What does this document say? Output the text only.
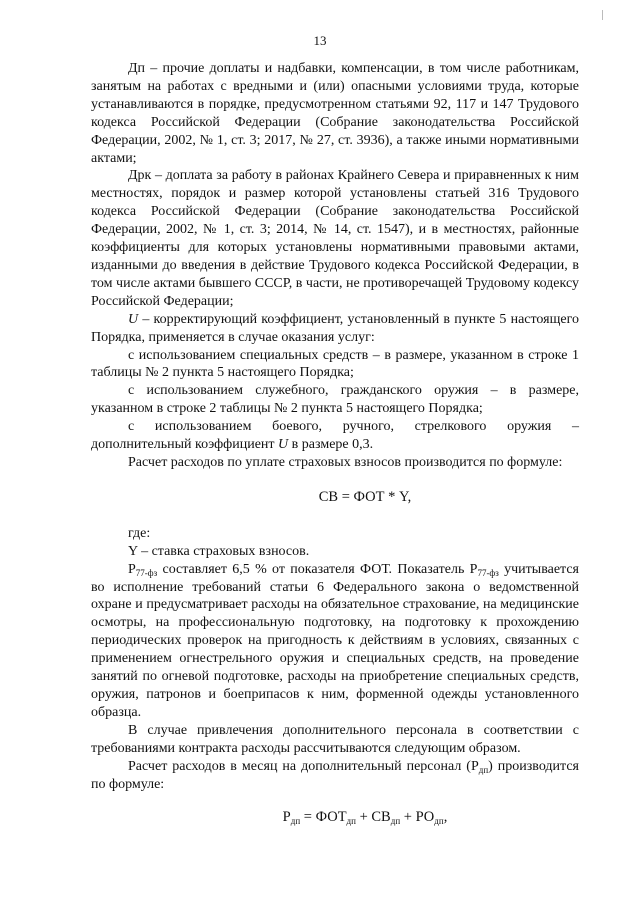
13

Дп – прочие доплаты и надбавки, компенсации, в том числе работникам, занятым на работах с вредными и (или) опасными условиями труда, которые устанавливаются в порядке, предусмотренном статьями 92, 117 и 147 Трудового кодекса Российской Федерации (Собрание законодательства Российской Федерации, 2002, № 1, ст. 3; 2017, № 27, ст. 3936), а также иными нормативными актами;

Дрк – доплата за работу в районах Крайнего Севера и приравненных к ним местностях, порядок и размер которой установлены статьей 316 Трудового кодекса Российской Федерации (Собрание законодательства Российской Федерации, 2002, № 1, ст. 3; 2014, № 14, ст. 1547), и в местностях, районные коэффициенты для которых установлены нормативными правовыми актами, изданными до введения в действие Трудового кодекса Российской Федерации, в том числе актами бывшего СССР, в части, не противоречащей Трудовому кодексу Российской Федерации;

U – корректирующий коэффициент, установленный в пункте 5 настоящего Порядка, применяется в случае оказания услуг:

с использованием специальных средств – в размере, указанном в строке 1 таблицы № 2 пункта 5 настоящего Порядка;

с использованием служебного, гражданского оружия – в размере, указанном в строке 2 таблицы № 2 пункта 5 настоящего Порядка;

с использованием боевого, ручного, стрелкового оружия – дополнительный коэффициент U в размере 0,3.

Расчет расходов по уплате страховых взносов производится по формуле:

СВ = ФОТ * Y,

где:

Y – ставка страховых взносов.

$Р_{77-фз}$ составляет 6,5 % от показателя ФОТ. Показатель $Р_{77-фз}$ учитывается во исполнение требований статьи 6 Федерального закона о ведомственной охране и предусматривает расходы на обязательное страхование, на медицинские осмотры, на профессиональную подготовку, на подготовку к прохождению периодических проверок на пригодность к действиям в условиях, связанных с применением огнестрельного оружия и специальных средств, на проведение занятий по огневой подготовке, расходы на приобретение специальных средств, оружия, патронов и боеприпасов к ним, форменной одежды установленного образца.

В случае привлечения дополнительного персонала в соответствии с требованиями контракта расходы рассчитываются следующим образом.

Расчет расходов в месяц на дополнительный персонал $(Р_{дп})$ производится по формуле:

$Р_{дп} = ФОТ_{дп} + СВ_{дп} + РО_{дп}$,
